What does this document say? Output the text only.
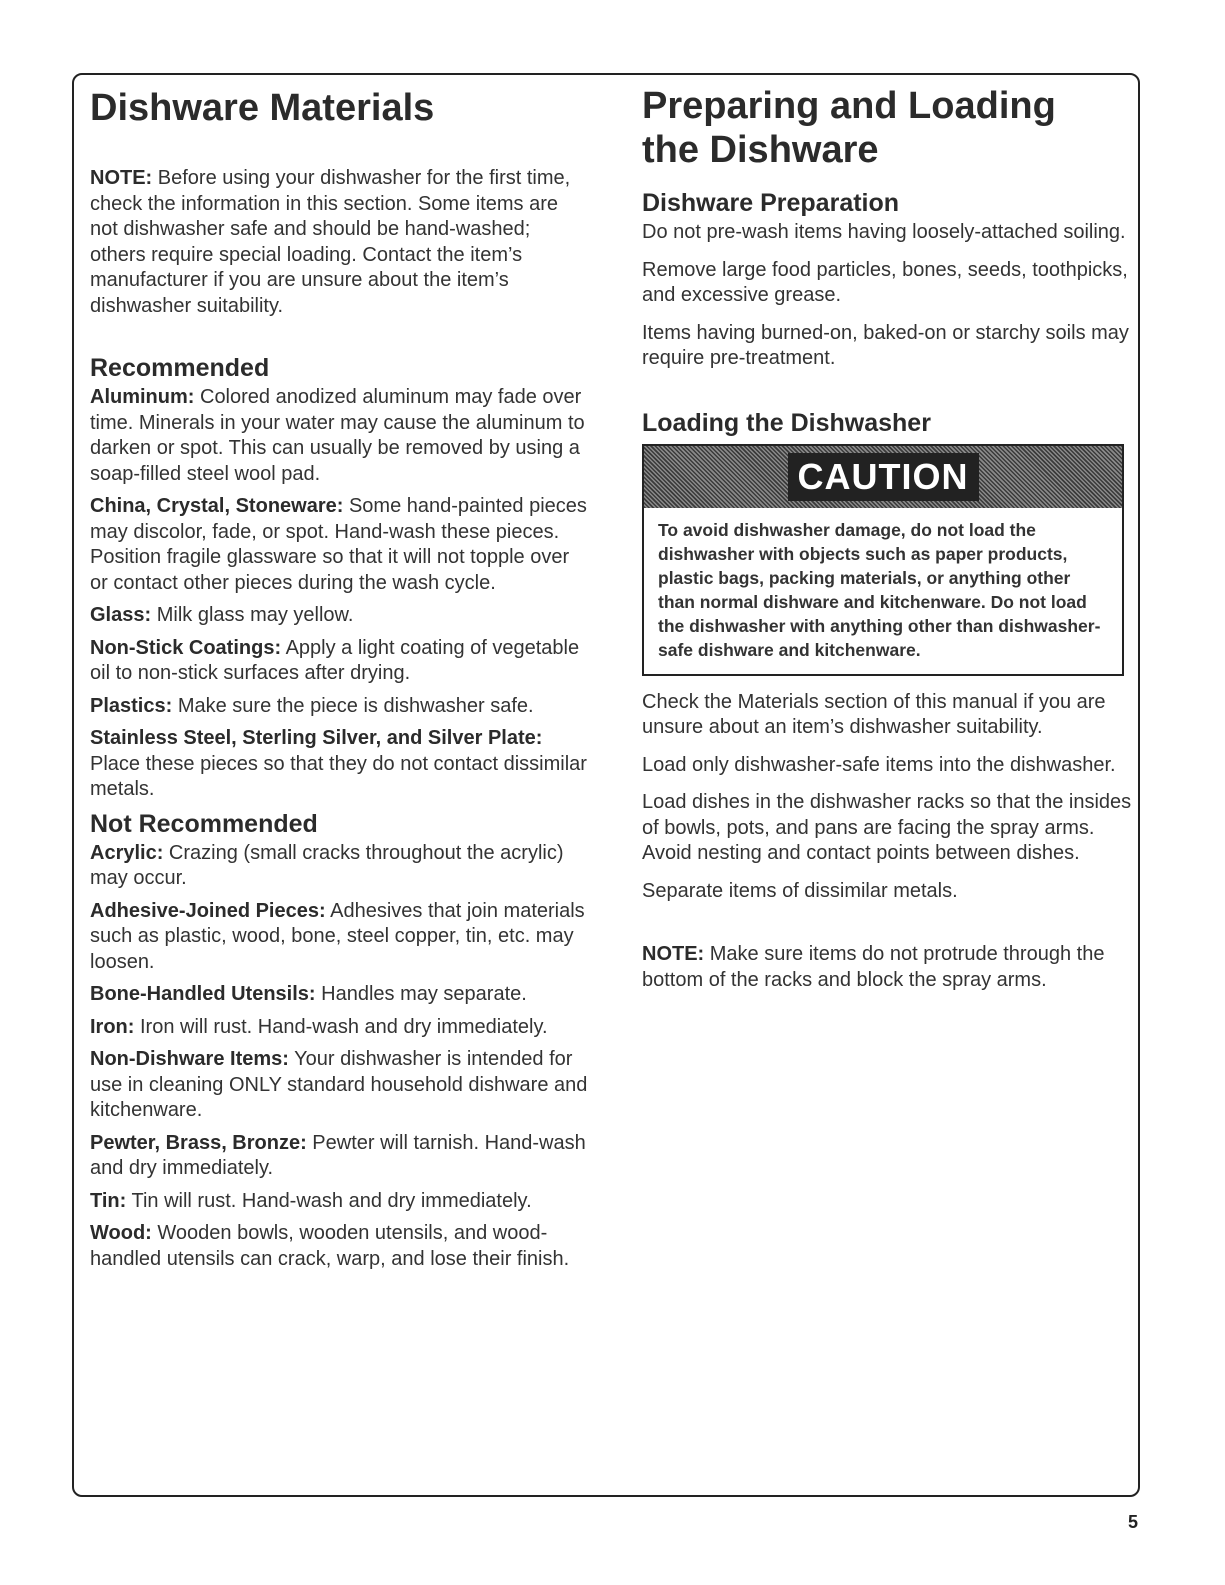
Dishware Materials

NOTE: Before using your dishwasher for the first time, check the information in this section. Some items are not dishwasher safe and should be hand-washed; others require special loading. Contact the item’s manufacturer if you are unsure about the item’s dishwasher suitability.

Recommended

Aluminum: Colored anodized aluminum may fade over time. Minerals in your water may cause the aluminum to darken or spot. This can usually be removed by using a soap-filled steel wool pad.

China, Crystal, Stoneware: Some hand-painted pieces may discolor, fade, or spot. Hand-wash these pieces. Position fragile glassware so that it will not topple over or contact other pieces during the wash cycle.

Glass: Milk glass may yellow.

Non-Stick Coatings: Apply a light coating of vegetable oil to non-stick surfaces after drying.

Plastics: Make sure the piece is dishwasher safe.

Stainless Steel, Sterling Silver, and Silver Plate: Place these pieces so that they do not contact dissimilar metals.

Not Recommended

Acrylic: Crazing (small cracks throughout the acrylic) may occur.

Adhesive-Joined Pieces: Adhesives that join materials such as plastic, wood, bone, steel copper, tin, etc. may loosen.

Bone-Handled Utensils: Handles may separate.

Iron: Iron will rust. Hand-wash and dry immediately.

Non-Dishware Items: Your dishwasher is intended for use in cleaning ONLY standard household dishware and kitchenware.

Pewter, Brass, Bronze: Pewter will tarnish. Hand-wash and dry immediately.

Tin: Tin will rust. Hand-wash and dry immediately.

Wood: Wooden bowls, wooden utensils, and wood-handled utensils can crack, warp, and lose their finish.

Preparing and Loading
the Dishware
Dishware Preparation

Do not pre-wash items having loosely-attached soiling.

Remove large food particles, bones, seeds, toothpicks, and excessive grease.

Items having burned-on, baked-on or starchy soils may require pre-treatment.

Loading the Dishwasher
CAUTION
To avoid dishwasher damage, do not load the dishwasher with objects such as paper products, plastic bags, packing materials, or anything other than normal dishware and kitchenware. Do not load the dishwasher with anything other than dishwasher-safe dishware and kitchenware.

Check the Materials section of this manual if you are unsure about an item’s dishwasher suitability.

Load only dishwasher-safe items into the dishwasher.

Load dishes in the dishwasher racks so that the insides of bowls, pots, and pans are facing the spray arms. Avoid nesting and contact points between dishes.

Separate items of dissimilar metals.

NOTE: Make sure items do not protrude through the bottom of the racks and block the spray arms.

5
